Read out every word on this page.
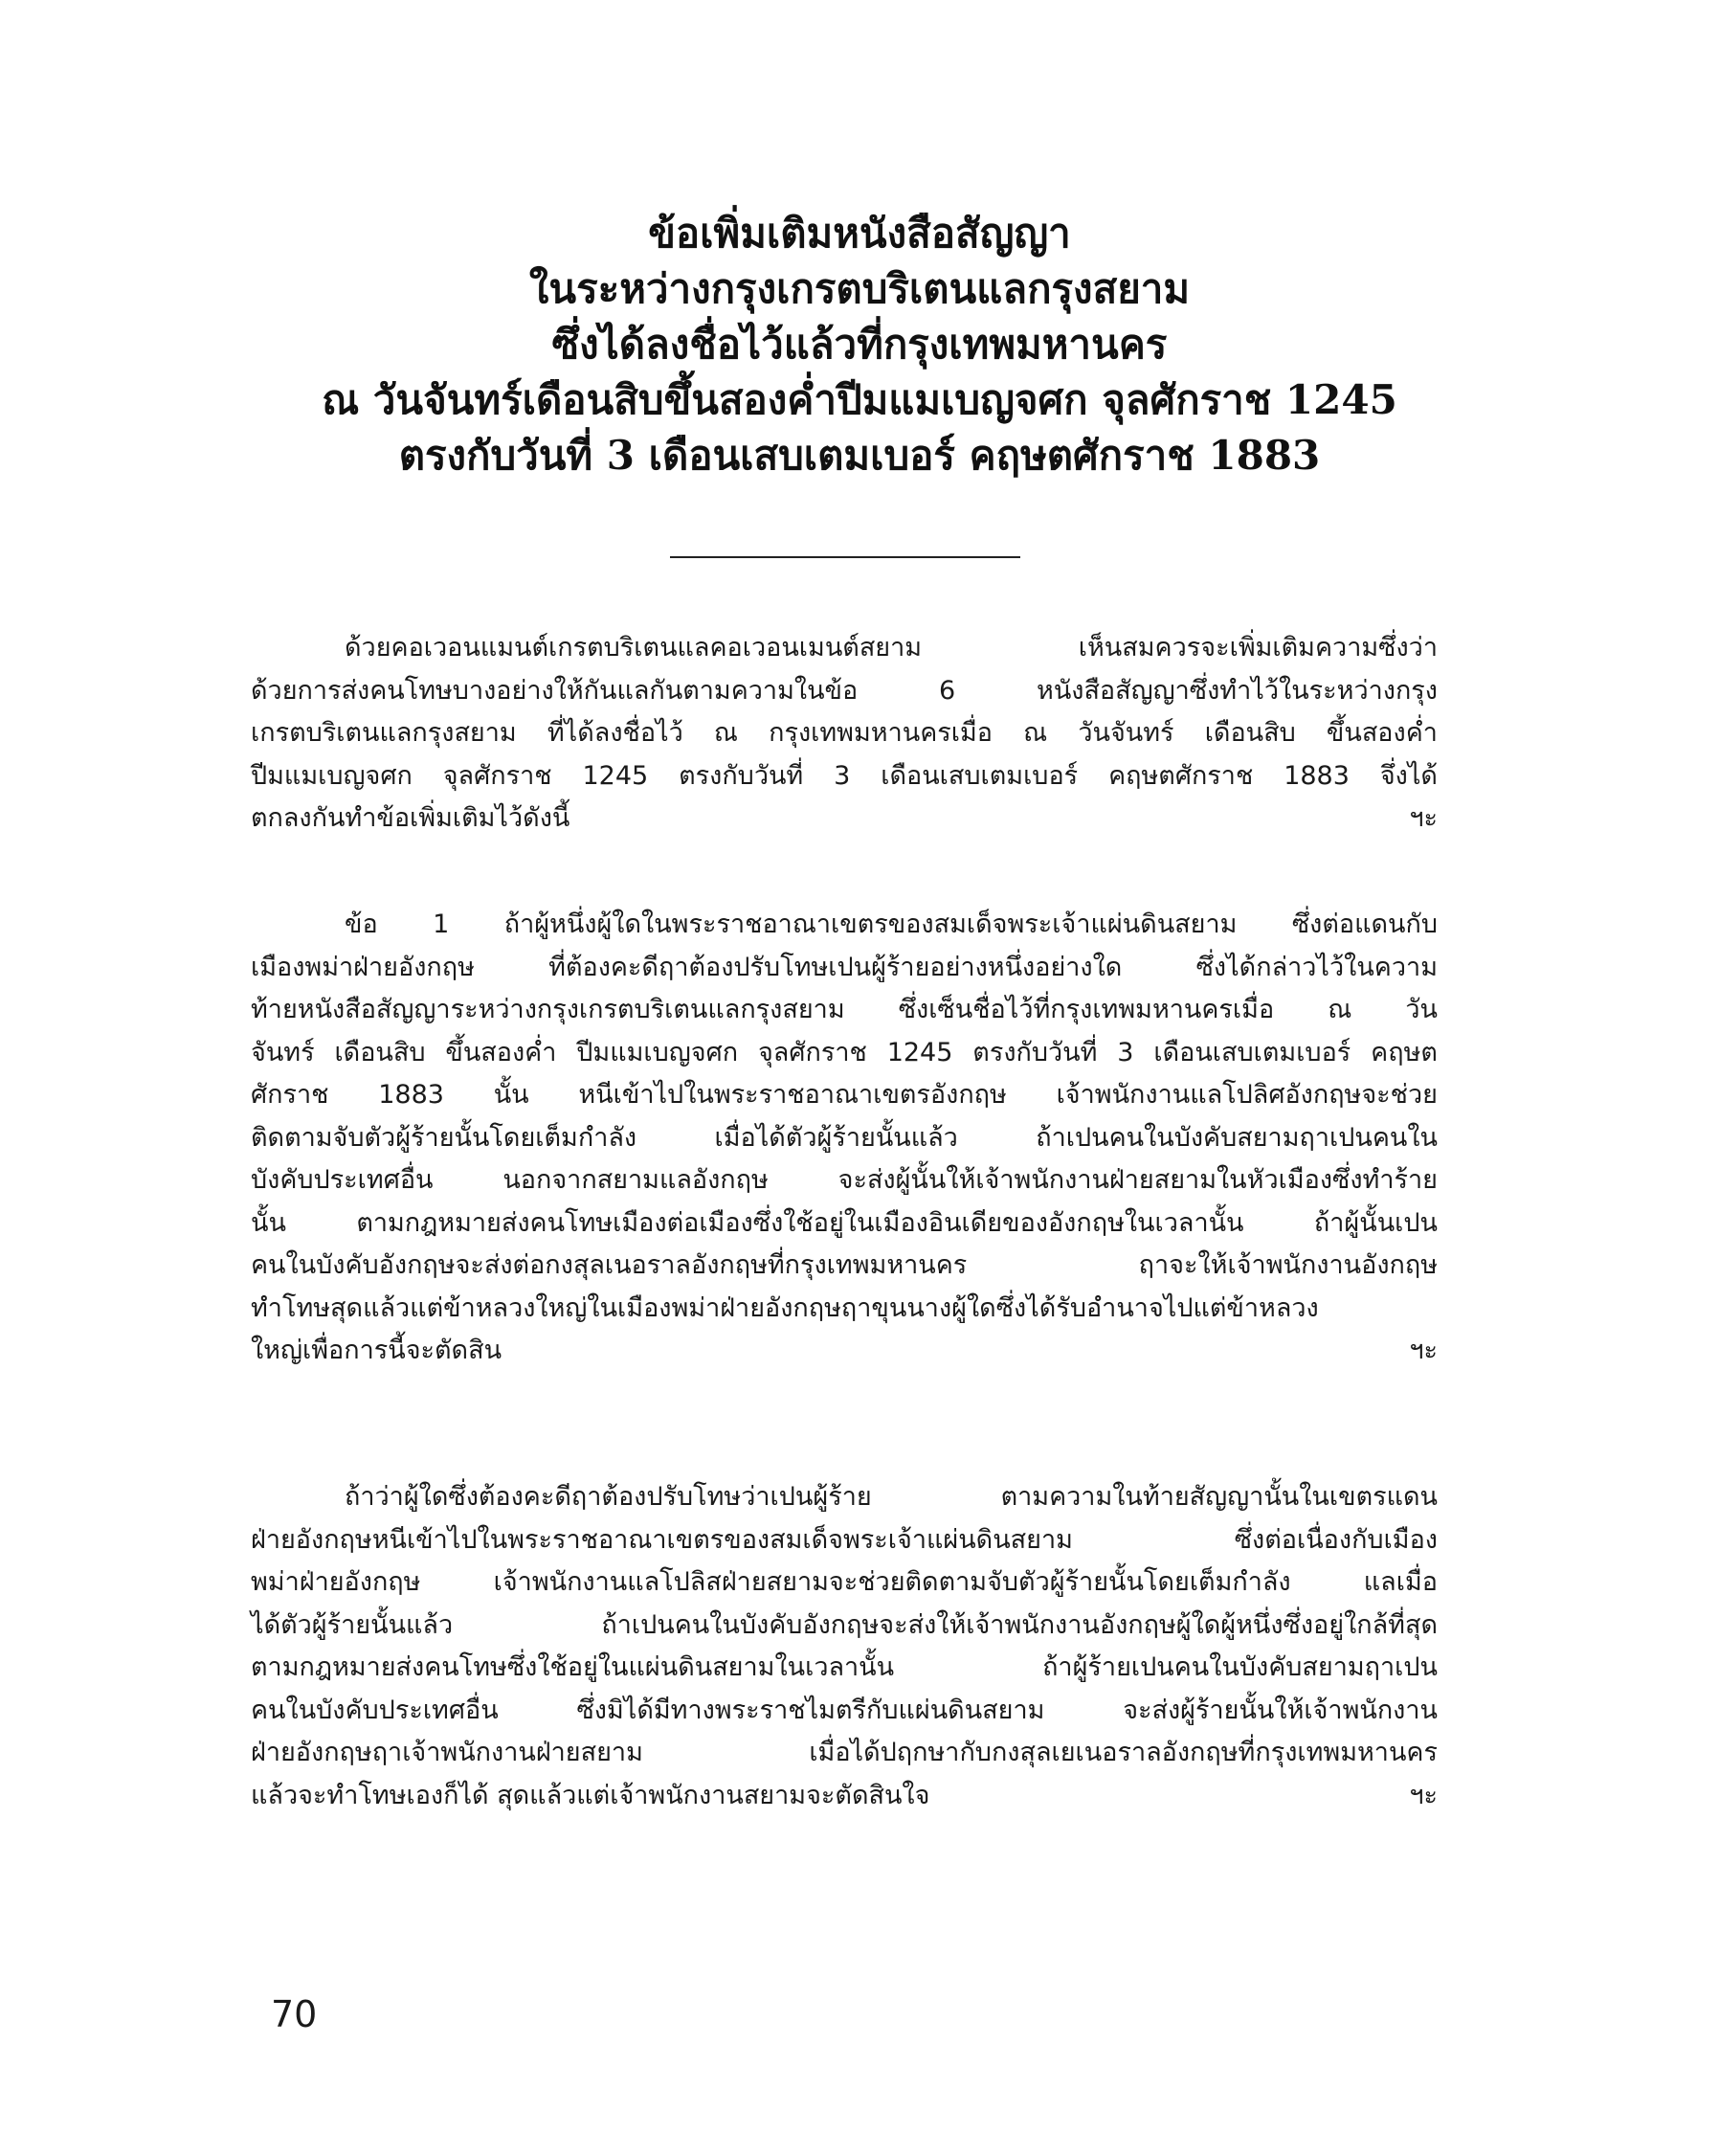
ข้อเพิ่มเติมหนังสือสัญญา
ในระหว่างกรุงเกรตบริเตนแลกรุงสยาม
ซึ่งได้ลงชื่อไว้แล้วที่กรุงเทพมหานคร
ณ วันจันทร์เดือนสิบขึ้นสองค่ำปีมแมเบญจศก จุลศักราช 1245
ตรงกับวันที่ 3 เดือนเสบเตมเบอร์ คฤษตศักราช 1883
ด้วยคอเวอนแมนต์เกรตบริเตนแลคอเวอนเมนต์สยาม	เห็นสมควรจะเพิ่มเติมความซึ่งว่า
ด้วยการส่งคนโทษบางอย่างให้กันแลกันตามความในข้อ	6	หนังสือสัญญาซึ่งทำไว้ในระหว่างกรุง
เกรตบริเตนแลกรุงสยาม ที่ได้ลงชื่อไว้ ณ กรุงเทพมหานครเมื่อ ณ วันจันทร์ เดือนสิบ ขึ้นสองค่ำ
ปีมแมเบญจศก จุลศักราช 1245 ตรงกับวันที่ 3 เดือนเสบเตมเบอร์ คฤษตศักราช 1883 จึ่งได้
ตกลงกันทำข้อเพิ่มเติมไว้ดังนี้	ฯะ
ข้อ 1 ถ้าผู้หนึ่งผู้ใดในพระราชอาณาเขตรของสมเด็จพระเจ้าแผ่นดินสยาม ซึ่งต่อแดนกับ
เมืองพม่าฝ่ายอังกฤษ	ที่ต้องคะดีฤาต้องปรับโทษเปนผู้ร้ายอย่างหนึ่งอย่างใด	ซึ่งได้กล่าวไว้ในความ
ท้ายหนังสือสัญญาระหว่างกรุงเกรตบริเตนแลกรุงสยาม ซึ่งเซ็นชื่อไว้ที่กรุงเทพมหานครเมื่อ ณ วัน
จันทร์ เดือนสิบ ขึ้นสองค่ำ ปีมแมเบญจศก จุลศักราช 1245 ตรงกับวันที่ 3 เดือนเสบเตมเบอร์ คฤษต
ศักราช 1883 นั้น หนีเข้าไปในพระราชอาณาเขตรอังกฤษ เจ้าพนักงานแลโปลิศอังกฤษจะช่วย
ติดตามจับตัวผู้ร้ายนั้นโดยเต็มกำลัง	เมื่อได้ตัวผู้ร้ายนั้นแล้ว	ถ้าเปนคนในบังคับสยามฤาเปนคนใน
บังคับประเทศอื่น	นอกจากสยามแลอังกฤษ	จะส่งผู้นั้นให้เจ้าพนักงานฝ่ายสยามในหัวเมืองซึ่งทำร้าย
นั้น	ตามกฎหมายส่งคนโทษเมืองต่อเมืองซึ่งใช้อยู่ในเมืองอินเดียของอังกฤษในเวลานั้น	ถ้าผู้นั้นเปน
คนในบังคับอังกฤษจะส่งต่อกงสุลเนอราลอังกฤษที่กรุงเทพมหานคร	ฤาจะให้เจ้าพนักงานอังกฤษ
ทำโทษสุดแล้วแต่ข้าหลวงใหญ่ในเมืองพม่าฝ่ายอังกฤษฤาขุนนางผู้ใดซึ่งได้รับอำนาจไปแต่ข้าหลวง
ใหญ่เพื่อการนี้จะตัดสิน	ฯะ
ถ้าว่าผู้ใดซึ่งต้องคะดีฤาต้องปรับโทษว่าเปนผู้ร้าย	ตามความในท้ายสัญญานั้นในเขตรแดน
ฝ่ายอังกฤษหนีเข้าไปในพระราชอาณาเขตรของสมเด็จพระเจ้าแผ่นดินสยาม	ซึ่งต่อเนื่องกับเมือง
พม่าฝ่ายอังกฤษ	เจ้าพนักงานแลโปลิสฝ่ายสยามจะช่วยติดตามจับตัวผู้ร้ายนั้นโดยเต็มกำลัง	แลเมื่อ
ได้ตัวผู้ร้ายนั้นแล้ว	ถ้าเปนคนในบังคับอังกฤษจะส่งให้เจ้าพนักงานอังกฤษผู้ใดผู้หนึ่งซึ่งอยู่ใกล้ที่สุด
ตามกฎหมายส่งคนโทษซึ่งใช้อยู่ในแผ่นดินสยามในเวลานั้น	ถ้าผู้ร้ายเปนคนในบังคับสยามฤาเปน
คนในบังคับประเทศอื่น	ซึ่งมิได้มีทางพระราชไมตรีกับแผ่นดินสยาม	จะส่งผู้ร้ายนั้นให้เจ้าพนักงาน
ฝ่ายอังกฤษฤาเจ้าพนักงานฝ่ายสยาม	เมื่อได้ปฤกษากับกงสุลเยเนอราลอังกฤษที่กรุงเทพมหานคร
แล้วจะทำโทษเองก็ได้ สุดแล้วแต่เจ้าพนักงานสยามจะตัดสินใจ	ฯะ
70
